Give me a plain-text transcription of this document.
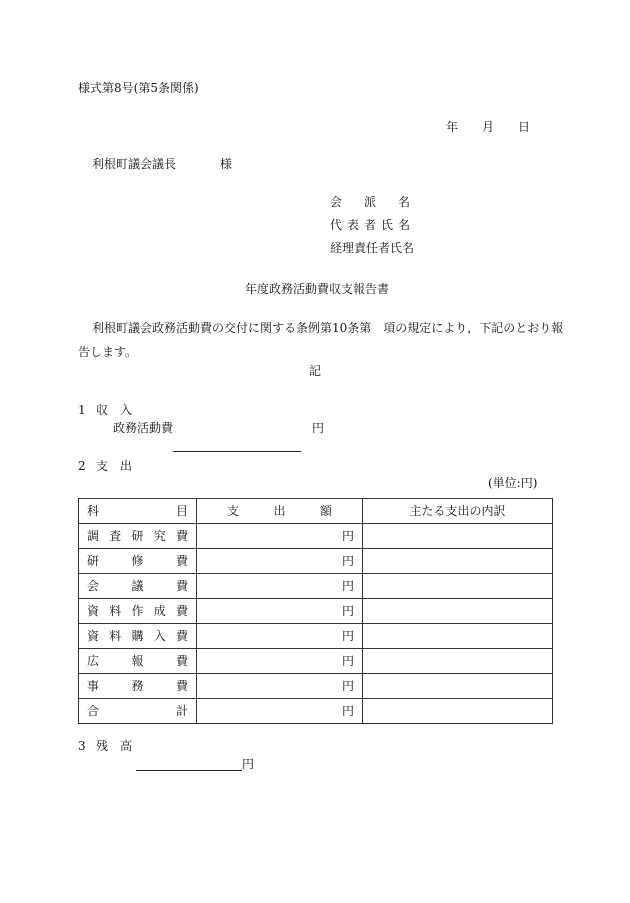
様式第8号(第5条関係)
年 月 日
利根町議会議長	様
会 派 名
代 表 者 氏 名
経理責任者氏名
年度政務活動費収支報告書
利根町議会政務活動費の交付に関する条例第10条第　項の規定により，下記のとおり報
告します。
記
1 収 入
政務活動費	円
2 支 出
(単位:円)
科 目	支 出 額	主たる支出の内訳

調 査 研 究 費	円	

研 修 費	円	

会 議 費	円	

資 料 作 成 費	円	

資 料 購 入 費	円	

広 報 費	円	

事 務 費	円	

合 計	円	
3 残 高
円
